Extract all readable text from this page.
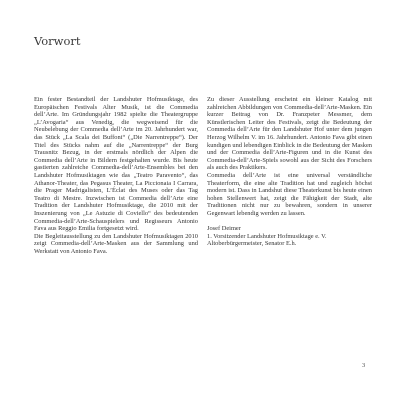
Vorwort

Ein fester Bestandteil der Landshuter Hofmusiktage, des Europäischen Festivals Alter Musik, ist die Commedia dell’Arte. Im Gründungsjahr 1982 spielte die Theatergruppe „L’Avogaria“ aus Venedig, die wegweisend für die Neubelebung der Commedia dell’Arte im 20. Jahrhundert war, das Stück „La Scala dei Buffoni“ („Die Narrentreppe“). Der Titel des Stücks nahm auf die „Narrentreppe“ der Burg Trausnitz Bezug, in der erstmals nördlich der Alpen die Commedia dell’Arte in Bildern festgehalten wurde. Bis heute gastierten zahlreiche Commedia-dell’Arte-Ensembles bei den Landshuter Hofmusiktagen wie das „Teatro Paravento“, das Athanor-Theater, das Pegasus Theater, La Piccionaia I Carrara, die Prager Madrigalisten, L’Éclat des Muses oder das Tag Teatro di Mestre. Inzwischen ist Commedia dell’Arte eine Tradition der Landshuter Hofmusiktage, die 2010 mit der Inszenierung von „Le Astuzie di Coviello“ des bedeutenden Commedia-dell’Arte-Schauspielers und Regisseurs Antonio Fava aus Reggio Emilia fortgesetzt wird.

Die Begleitausstellung zu den Landshuter Hofmusiktagen 2010 zeigt Commedia-dell’Arte-Masken aus der Sammlung und Werkstatt von Antonio Fava.

Zu dieser Ausstellung erscheint ein kleiner Katalog mit zahlreichen Abbildungen von Commedia-dell’Arte-Masken. Ein kurzer Beitrag von Dr. Franzpeter Messmer, dem Künstlerischen Leiter des Festivals, zeigt die Bedeutung der Commedia dell’Arte für den Landshuter Hof unter dem jungen Herzog Wilhelm V. im 16. Jahrhundert. Antonio Fava gibt einen kundigen und lebendigen Einblick in die Bedeutung der Masken und der Commedia dell’Arte-Figuren und in die Kunst des Commedia-dell’Arte-Spiels sowohl aus der Sicht des Forschers als auch des Praktikers.

Commedia dell’Arte ist eine universal verständliche Theaterform, die eine alte Tradition hat und zugleich höchst modern ist. Dass in Landshut diese Theaterkunst bis heute einen hohen Stellenwert hat, zeigt die Fähigkeit der Stadt, alte Traditionen nicht nur zu bewahren, sondern in unserer Gegenwart lebendig werden zu lassen.

Josef Deimer
1. Vorsitzender Landshuter Hofmusiktage e. V.
Altoberbürgermeister, Senator E.h.
3
